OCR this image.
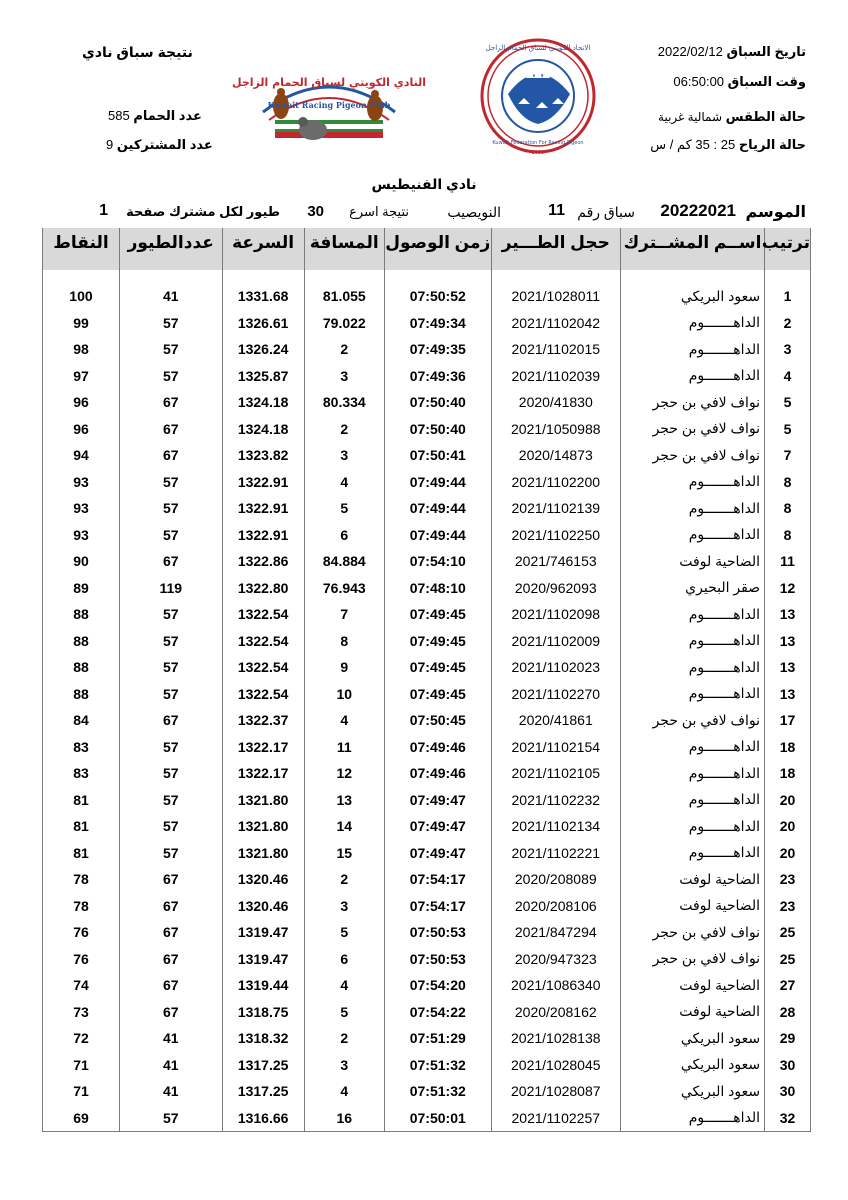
تاريخ السباق 2022/02/12
وقت السباق 06:50:00
حالة الطقس شمالية غربية
حالة الرياح 25 : 35 كم / س
نتيجة سباق نادي
عدد الحمام 585
عدد المشتركين 9
النادي الكويتي لسباق الحمام الزاجل
Kuwait Racing Pigeon Club
الاتحاد الكويتي لسباق الحمام الزاجل
Kuwait Federation For Racing Pigeon
2009
نادي الفنيطيس
الموسم
20222021
سباق رقم
11
النويصيب
نتيجة اسرع
30
طيور لكل مشترك صفحة
1
ترتيب	اســم المشــترك	حجل الطـــير	زمن الوصول	المسافة	السرعة	عددالطيور	النقاط

1	سعود البريكي	2021/1028011	07:50:52	81.055	1331.68	41	100
2	الداهـــــــوم	2021/1102042	07:49:34	79.022	1326.61	57	99
3	الداهـــــــوم	2021/1102015	07:49:35	2	1326.24	57	98
4	الداهـــــــوم	2021/1102039	07:49:36	3	1325.87	57	97
5	نواف لافي بن حجر	2020/41830	07:50:40	80.334	1324.18	67	96
5	نواف لافي بن حجر	2021/1050988	07:50:40	2	1324.18	67	96
7	نواف لافي بن حجر	2020/14873	07:50:41	3	1323.82	67	94
8	الداهـــــــوم	2021/1102200	07:49:44	4	1322.91	57	93
8	الداهـــــــوم	2021/1102139	07:49:44	5	1322.91	57	93
8	الداهـــــــوم	2021/1102250	07:49:44	6	1322.91	57	93
11	الضاحية لوفت	2021/746153	07:54:10	84.884	1322.86	67	90
12	صقر البحيري	2020/962093	07:48:10	76.943	1322.80	119	89
13	الداهـــــــوم	2021/1102098	07:49:45	7	1322.54	57	88
13	الداهـــــــوم	2021/1102009	07:49:45	8	1322.54	57	88
13	الداهـــــــوم	2021/1102023	07:49:45	9	1322.54	57	88
13	الداهـــــــوم	2021/1102270	07:49:45	10	1322.54	57	88
17	نواف لافي بن حجر	2020/41861	07:50:45	4	1322.37	67	84
18	الداهـــــــوم	2021/1102154	07:49:46	11	1322.17	57	83
18	الداهـــــــوم	2021/1102105	07:49:46	12	1322.17	57	83
20	الداهـــــــوم	2021/1102232	07:49:47	13	1321.80	57	81
20	الداهـــــــوم	2021/1102134	07:49:47	14	1321.80	57	81
20	الداهـــــــوم	2021/1102221	07:49:47	15	1321.80	57	81
23	الضاحية لوفت	2020/208089	07:54:17	2	1320.46	67	78
23	الضاحية لوفت	2020/208106	07:54:17	3	1320.46	67	78
25	نواف لافي بن حجر	2021/847294	07:50:53	5	1319.47	67	76
25	نواف لافي بن حجر	2020/947323	07:50:53	6	1319.47	67	76
27	الضاحية لوفت	2021/1086340	07:54:20	4	1319.44	67	74
28	الضاحية لوفت	2020/208162	07:54:22	5	1318.75	67	73
29	سعود البريكي	2021/1028138	07:51:29	2	1318.32	41	72
30	سعود البريكي	2021/1028045	07:51:32	3	1317.25	41	71
30	سعود البريكي	2021/1028087	07:51:32	4	1317.25	41	71
32	الداهـــــــوم	2021/1102257	07:50:01	16	1316.66	57	69
